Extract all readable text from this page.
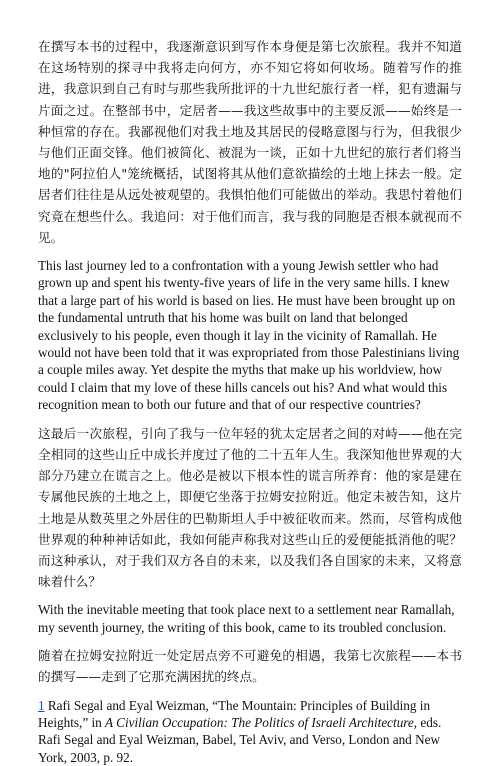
在撰写本书的过程中，我逐渐意识到写作本身便是第七次旅程。我并不知道在这场特别的探寻中我将走向何方，亦不知它将如何收场。随着写作的推进，我意识到自己有时与那些我所批评的十九世纪旅行者一样，犯有遗漏与片面之过。在整部书中，定居者——我这些故事中的主要反派——始终是一种恒常的存在。我鄙视他们对我土地及其居民的侵略意图与行为，但我很少与他们正面交锋。他们被简化、被混为一谈，正如十九世纪的旅行者们将当地的"阿拉伯人"笼统概括，试图将其从他们意欲描绘的土地上抹去一般。定居者们往往是从远处被观望的。我惧怕他们可能做出的举动。我思忖着他们究竟在想些什么。我追问：对于他们而言，我与我的同胞是否根本就视而不见。

This last journey led to a confrontation with a young Jewish settler who had grown up and spent his twenty-five years of life in the very same hills. I knew that a large part of his world is based on lies. He must have been brought up on the fundamental untruth that his home was built on land that belonged exclusively to his people, even though it lay in the vicinity of Ramallah. He would not have been told that it was expropriated from those Palestinians living a couple miles away. Yet despite the myths that make up his worldview, how could I claim that my love of these hills cancels out his? And what would this recognition mean to both our future and that of our respective countries?

这最后一次旅程，引向了我与一位年轻的犹太定居者之间的对峙——他在完全相同的这些山丘中成长并度过了他的二十五年人生。我深知他世界观的大部分乃建立在谎言之上。他必是被以下根本性的谎言所养育：他的家是建在专属他民族的土地之上，即便它坐落于拉姆安拉附近。他定未被告知，这片土地是从数英里之外居住的巴勒斯坦人手中被征收而来。然而，尽管构成他世界观的种种神话如此，我如何能声称我对这些山丘的爱便能抵消他的呢？而这种承认，对于我们双方各自的未来，以及我们各自国家的未来，又将意味着什么？

With the inevitable meeting that took place next to a settlement near Ramallah, my seventh journey, the writing of this book, came to its troubled conclusion.

随着在拉姆安拉附近一处定居点旁不可避免的相遇，我第七次旅程——本书的撰写——走到了它那充满困扰的终点。

1 Rafi Segal and Eyal Weizman, “The Mountain: Principles of Building in Heights,” in A Civilian Occupation: The Politics of Israeli Architecture, eds. Rafi Segal and Eyal Weizman, Babel, Tel Aviv, and Verso, London and New York, 2003, p. 92.
